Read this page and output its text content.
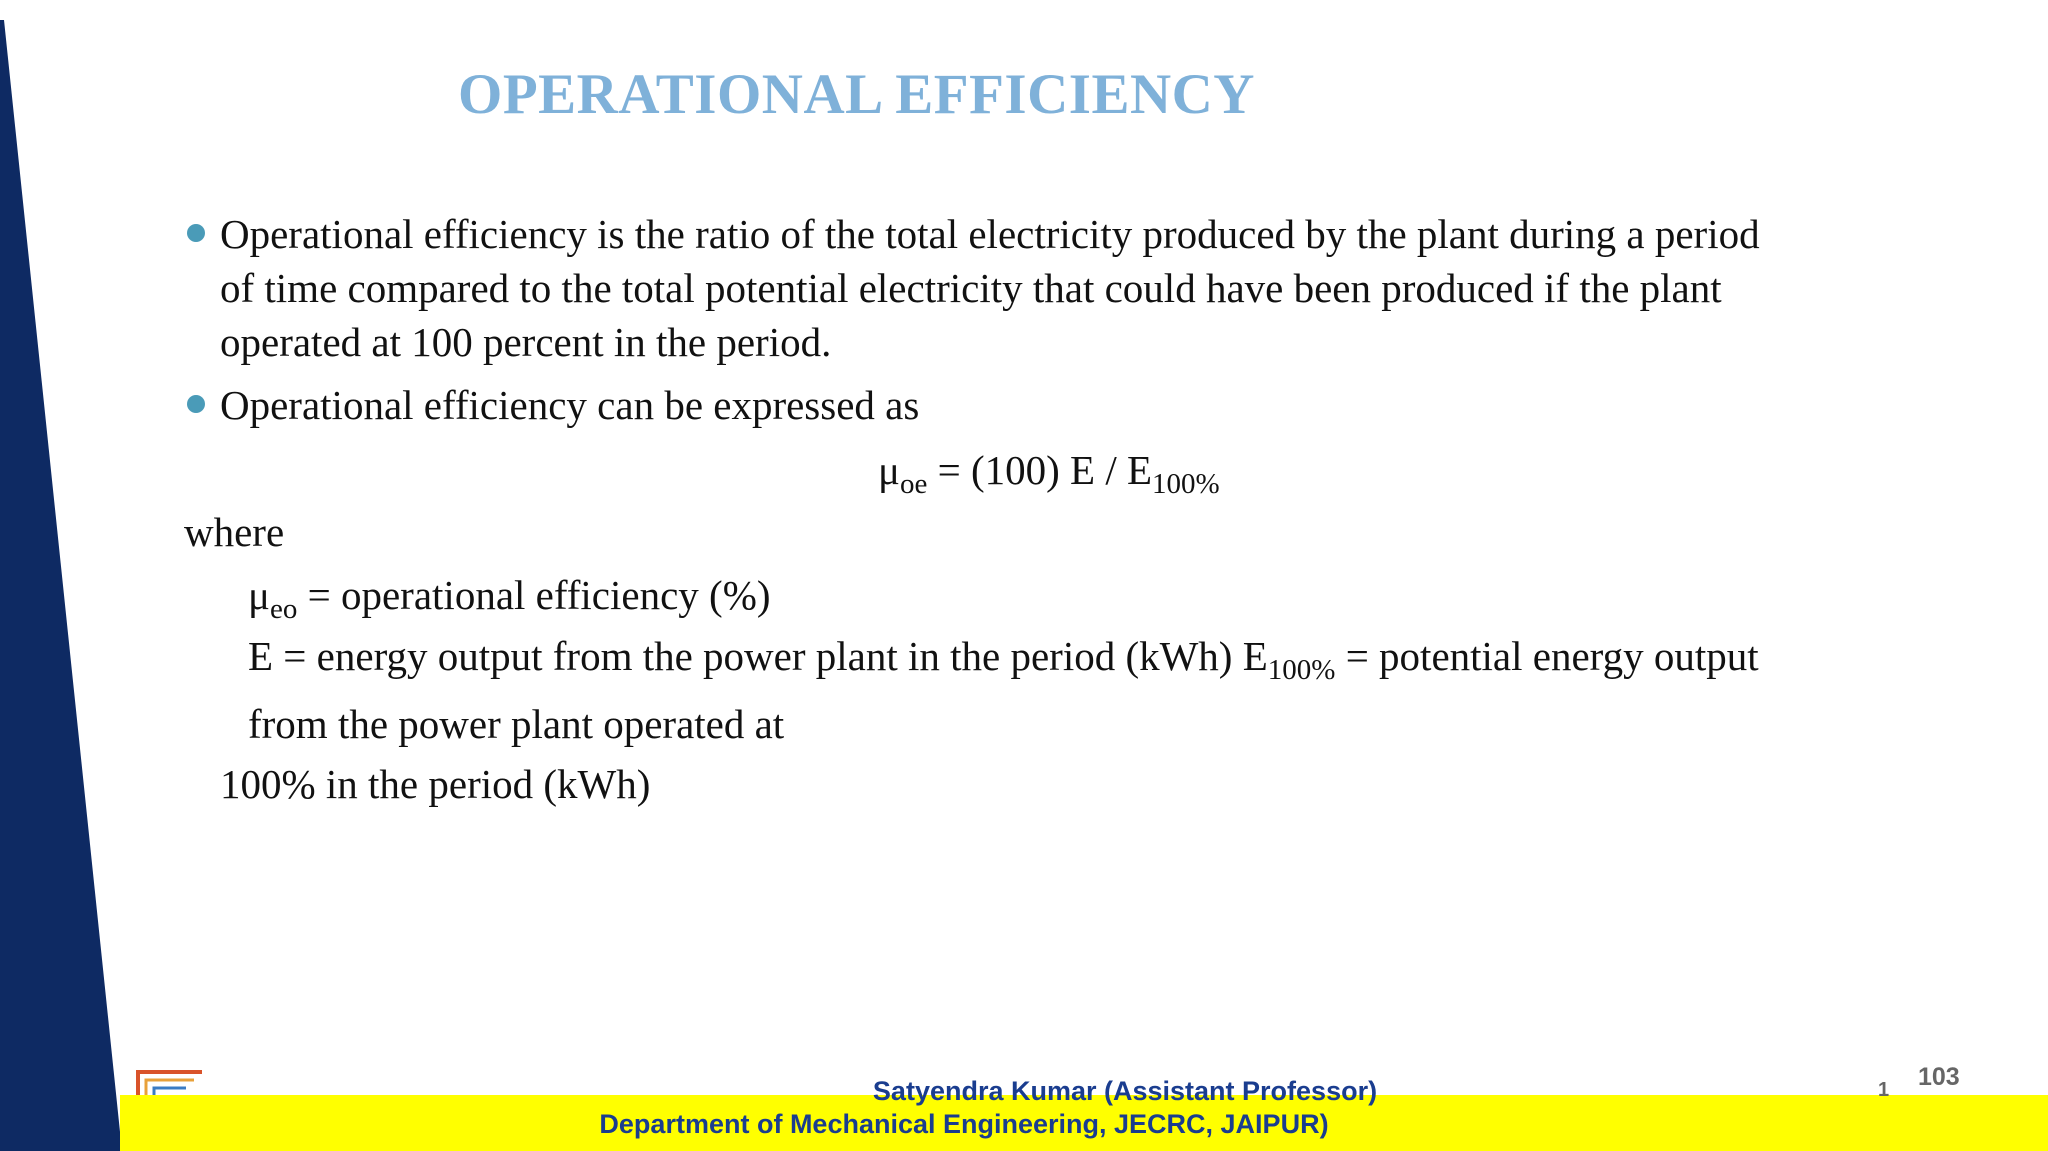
OPERATIONAL EFFICIENCY
Operational efficiency is the ratio of the total electricity produced by the plant during a period
of time compared to the total potential electricity that could have been produced if the plant
operated at 100 percent in the period.
Operational efficiency can be expressed as
$\mu_{oe} = (100)$ E / $E_{100\%}$
where
$\mu_{eo}$ = operational efficiency (%)
E = energy output from the power plant in the period (kWh) $E_{100\%}$ = potential energy output
from the power plant operated at
100% in the period (kWh)
Department of Mechanical Engineering, JECRC, JAIPUR)
Satyendra Kumar (Assistant Professor)	1 103
